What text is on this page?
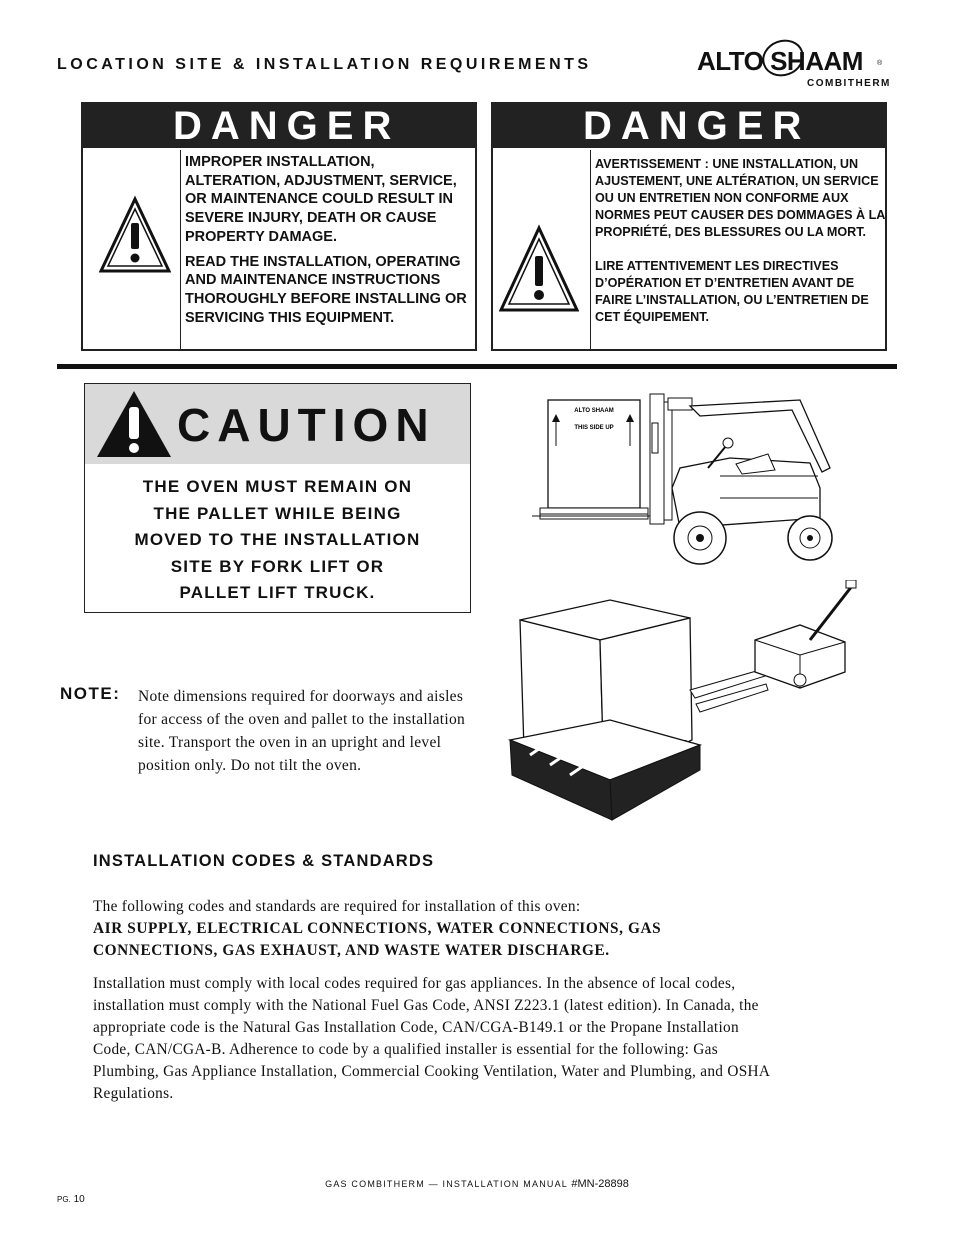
LOCATION SITE & INSTALLATION REQUIREMENTS	ALTO SHAAM ®
COMBITHERM
DANGER

IMPROPER INSTALLATION, ALTERATION, ADJUSTMENT, SERVICE, OR MAINTENANCE COULD RESULT IN SEVERE INJURY, DEATH OR CAUSE PROPERTY DAMAGE.

READ THE INSTALLATION, OPERATING AND MAINTENANCE INSTRUCTIONS THOROUGHLY BEFORE INSTALLING OR SERVICING THIS EQUIPMENT.

DANGER

AVERTISSEMENT : UNE INSTALLATION, UN AJUSTEMENT, UNE ALTÉRATION, UN SERVICE OU UN ENTRETIEN NON CONFORME AUX NORMES PEUT CAUSER DES DOMMAGES À LA PROPRIÉTÉ, DES BLESSURES OU LA MORT.

LIRE ATTENTIVEMENT LES DIRECTIVES D’OPÉRATION ET D’ENTRETIEN AVANT DE FAIRE L’INSTALLATION, OU L’ENTRETIEN DE CET ÉQUIPEMENT.

CAUTION
THE OVEN MUST REMAIN ON
THE PALLET WHILE BEING
MOVED TO THE INSTALLATION
SITE BY FORK LIFT OR
PALLET LIFT TRUCK.
ALTO SHAAM
THIS SIDE UP
NOTE: Note dimensions required for doorways and aisles for access of the oven and pallet to the installation site. Transport the oven in an upright and level position only. Do not tilt the oven.
INSTALLATION CODES & STANDARDS
The following codes and standards are required for installation of this oven:
AIR SUPPLY, ELECTRICAL CONNECTIONS, WATER CONNECTIONS, GAS CONNECTIONS, GAS EXHAUST, AND WASTE WATER DISCHARGE.
Installation must comply with local codes required for gas appliances. In the absence of local codes, installation must comply with the National Fuel Gas Code, ANSI Z223.1 (latest edition). In Canada, the appropriate code is the Natural Gas Installation Code, CAN/CGA-B149.1 or the Propane Installation Code, CAN/CGA-B. Adherence to code by a qualified installer is essential for the following: Gas Plumbing, Gas Appliance Installation, Commercial Cooking Ventilation, Water and Plumbing, and OSHA Regulations.
GAS COMBITHERM — INSTALLATION MANUAL #MN-28898
PG. 10
